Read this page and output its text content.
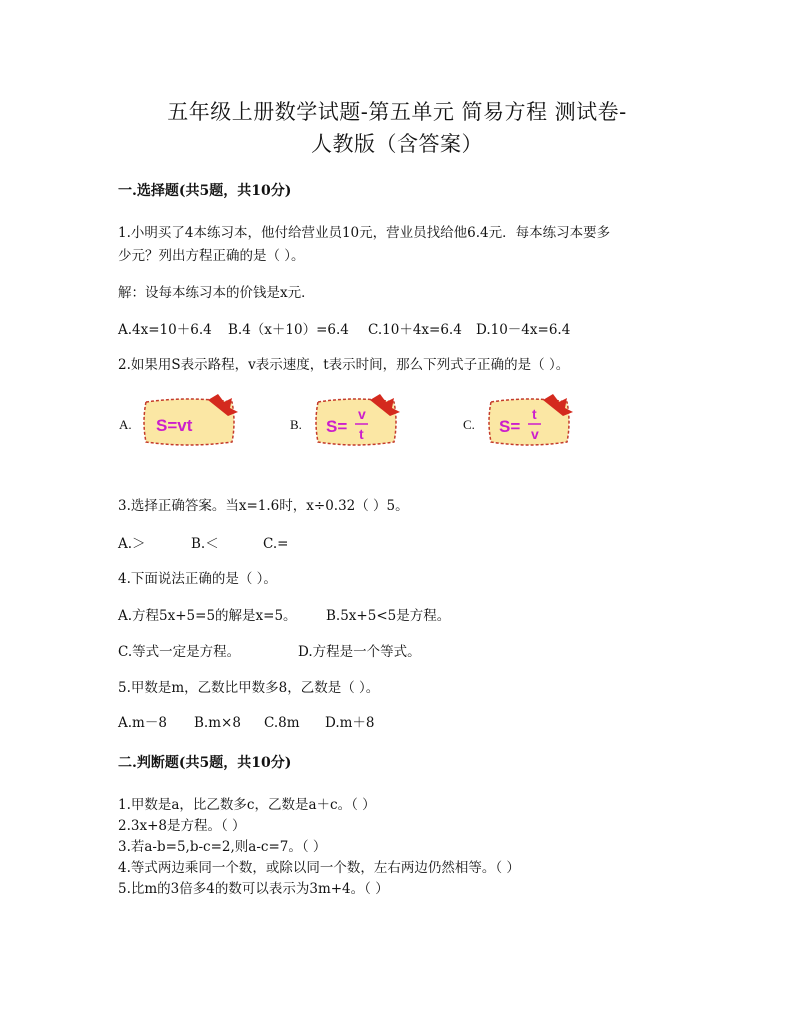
五年级上册数学试题-第五单元 简易方程 测试卷-
人教版（含答案）
一.选择题(共5题，共10分)
1.小明买了4本练习本，他付给营业员10元，营业员找给他6.4元．每本练习本要多
少元？列出方程正确的是（ ）。
解：设每本练习本的价钱是x元．
A.4x=10＋6.4 B.4（x＋10）=6.4 C.10＋4x=6.4 D.10－4x=6.4
2.如果用S表示路程，v表示速度，t表示时间，那么下列式子正确的是（ ）。
A. S=vt	B. S=
v
t
C. S=
t
v
3.选择正确答案。当x=1.6时，x÷0.32（ ）5。
A.＞	B.＜	C.=
4.下面说法正确的是（ ）。
A.方程5x+5=5的解是x=5。 B.5x+5<5是方程。
C.等式一定是方程。	D.方程是一个等式。
5.甲数是m，乙数比甲数多8，乙数是（ ）。
A.m－8 B.m×8 C.8m D.m＋8
二.判断题(共5题，共10分)
1.甲数是a，比乙数多c，乙数是a＋c。（ ）
2.3x+8是方程。（ ）
3.若a-b=5,b-c=2,则a-c=7。（ ）
4.等式两边乘同一个数，或除以同一个数，左右两边仍然相等。（ ）
5.比m的3倍多4的数可以表示为3m+4。（ ）
